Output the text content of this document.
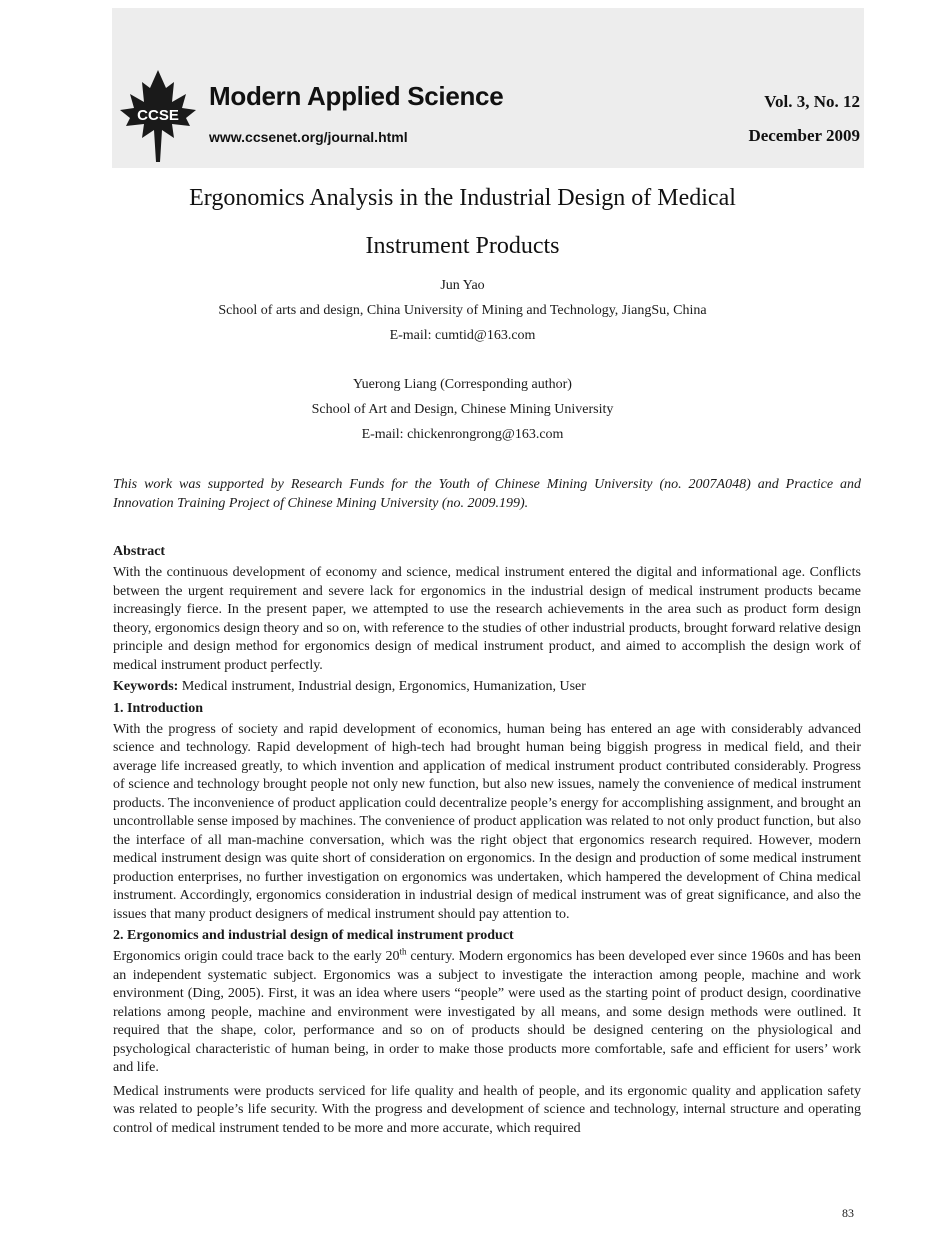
CCSE
Modern Applied Science
www.ccsenet.org/journal.html
Vol. 3, No. 12
December 2009
Ergonomics Analysis in the Industrial Design of Medical
Instrument Products
Jun Yao
School of arts and design, China University of Mining and Technology, JiangSu, China
E-mail: cumtid@163.com
Yuerong Liang (Corresponding author)
School of Art and Design, Chinese Mining University
E-mail: chickenrongrong@163.com
This work was supported by Research Funds for the Youth of Chinese Mining University (no. 2007A048) and Practice and Innovation Training Project of Chinese Mining University (no. 2009.199).
Abstract

With the continuous development of economy and science, medical instrument entered the digital and informational age. Conflicts between the urgent requirement and severe lack for ergonomics in the industrial design of medical instrument products became increasingly fierce. In the present paper, we attempted to use the research achievements in the area such as product form design theory, ergonomics design theory and so on, with reference to the studies of other industrial products, brought forward relative design principle and design method for ergonomics design of medical instrument product, and aimed to accomplish the design work of medical instrument product perfectly.

Keywords: Medical instrument, Industrial design, Ergonomics, Humanization, User

1. Introduction

With the progress of society and rapid development of economics, human being has entered an age with considerably advanced science and technology. Rapid development of high-tech had brought human being biggish progress in medical field, and their average life increased greatly, to which invention and application of medical instrument product contributed considerably. Progress of science and technology brought people not only new function, but also new issues, namely the convenience of medical instrument products. The inconvenience of product application could decentralize people’s energy for accomplishing assignment, and brought an uncontrollable sense imposed by machines. The convenience of product application was related to not only product function, but also the interface of all man-machine conversation, which was the right object that ergonomics research required. However, modern medical instrument design was quite short of consideration on ergonomics. In the design and production of some medical instrument production enterprises, no further investigation on ergonomics was undertaken, which hampered the development of China medical instrument. Accordingly, ergonomics consideration in industrial design of medical instrument was of great significance, and also the issues that many product designers of medical instrument should pay attention to.

2. Ergonomics and industrial design of medical instrument product

Ergonomics origin could trace back to the early 20th century. Modern ergonomics has been developed ever since 1960s and has been an independent systematic subject. Ergonomics was a subject to investigate the interaction among people, machine and work environment (Ding, 2005). First, it was an idea where users “people” were used as the starting point of product design, coordinative relations among people, machine and environment were investigated by all means, and some design methods were outlined. It required that the shape, color, performance and so on of products should be designed centering on the physiological and psychological characteristic of human being, in order to make those products more comfortable, safe and efficient for users’ work and life.

Medical instruments were products serviced for life quality and health of people, and its ergonomic quality and application safety was related to people’s life security. With the progress and development of science and technology, internal structure and operating control of medical instrument tended to be more and more accurate, which required

83
